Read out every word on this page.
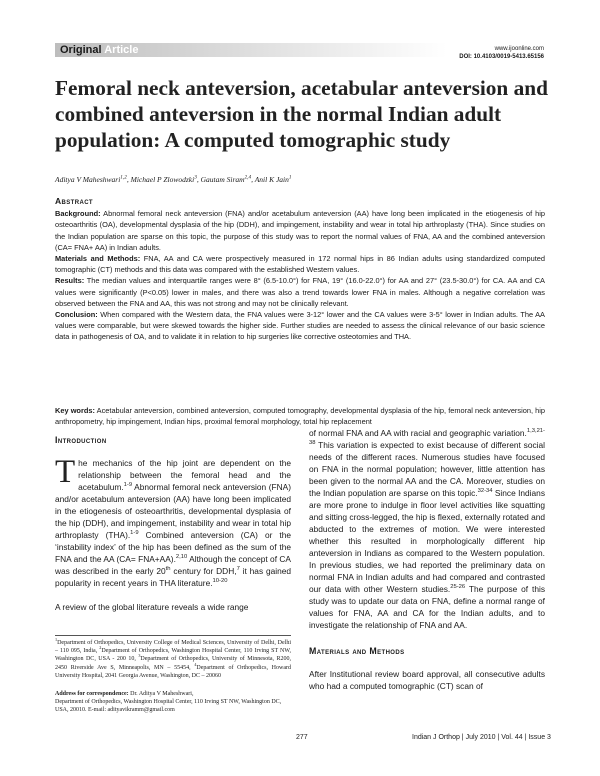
Original Article	www.ijoonline.com
DOI: 10.4103/0019-5413.65156
Femoral neck anteversion, acetabular anteversion and combined anteversion in the normal Indian adult population: A computed tomographic study
Aditya V Maheshwari$^{1,2}$, Michael P Zlowodzki$^3$, Gautam Siram$^{2,4}$, Anil K Jain$^1$

Abstract

Background: Abnormal femoral neck anteversion (FNA) and/or acetabulum anteversion (AA) have long been implicated in the etiogenesis of hip osteoarthritis (OA), developmental dysplasia of the hip (DDH), and impingement, instability and wear in total hip arthroplasty (THA). Since studies on the Indian population are sparse on this topic, the purpose of this study was to report the normal values of FNA, AA and the combined anteversion (CA= FNA+ AA) in Indian adults.

Materials and Methods: FNA, AA and CA were prospectively measured in 172 normal hips in 86 Indian adults using standardized computed tomographic (CT) methods and this data was compared with the established Western values.

Results: The median values and interquartile ranges were 8° (6.5-10.0°) for FNA, 19° (16.0-22.0°) for AA and 27° (23.5-30.0°) for CA. AA and CA values were significantly (P<0.05) lower in males, and there was also a trend towards lower FNA in males. Although a negative correlation was observed between the FNA and AA, this was not strong and may not be clinically relevant.

Conclusion: When compared with the Western data, the FNA values were 3-12° lower and the CA values were 3-5° lower in Indian adults. The AA values were comparable, but were skewed towards the higher side. Further studies are needed to assess the clinical relevance of our basic science data in pathogenesis of OA, and to validate it in relation to hip surgeries like corrective osteotomies and THA.

Key words: Acetabular anteversion, combined anteversion, computed tomography, developmental dysplasia of the hip, femoral neck anteversion, hip anthropometry, hip impingement, Indian hips, proximal femoral morphology, total hip replacement

Introduction

The mechanics of the hip joint are dependent on the relationship between the femoral head and the acetabulum.$^{1-9}$ Abnormal femoral neck anteversion (FNA) and/or acetabulum anteversion (AA) have long been implicated in the etiogenesis of osteoarthritis, developmental dysplasia of the hip (DDH), and impingement, instability and wear in total hip arthroplasty (THA).$^{1-9}$ Combined anteversion (CA) or the ‘instability index’ of the hip has been defined as the sum of the FNA and the AA (CA= FNA+AA).$^{2,10}$ Although the concept of CA was described in the early 20th century for DDH,$^7$ it has gained popularity in recent years in THA literature.$^{10-20}$

A review of the global literature reveals a wide range

$^1$Department of Orthopedics, University College of Medical Sciences, University of Delhi, Delhi – 110 095, India, $^2$Department of Orthopedics, Washington Hospital Center, 110 Irving ST NW, Washington DC, USA - 200 10, $^3$Department of Orthopedics, University of Minnesota, R200, 2450 Riverside Ave S, Minneapolis, MN – 55454, $^4$Department of Orthopedics, Howard University Hospital, 2041 Georgia Avenue, Washington, DC – 20060

Address for correspondence: Dr. Aditya V Maheshwari,

Department of Orthopedics, Washington Hospital Center, 110 Irving ST NW, Washington DC, USA, 20010. E-mail: adityavikramm@gmail.com

of normal FNA and AA with racial and geographic variation.$^{1,3,21-38}$ This variation is expected to exist because of different social needs of the different races. Numerous studies have focused on FNA in the normal population; however, little attention has been given to the normal AA and the CA. Moreover, studies on the Indian population are sparse on this topic.$^{32-34}$ Since Indians are more prone to indulge in floor level activities like squatting and sitting cross-legged, the hip is flexed, externally rotated and abducted to the extremes of motion. We were interested whether this resulted in morphologically different hip anteversion in Indians as compared to the Western population. In previous studies, we had reported the preliminary data on normal FNA in Indian adults and had compared and contrasted our data with other Western studies.$^{25-26}$ The purpose of this study was to update our data on FNA, define a normal range of values for FNA, AA and CA for the Indian adults, and to investigate the relationship of FNA and AA.

Materials and Methods

After Institutional review board approval, all consecutive adults who had a computed tomographic (CT) scan of

277	Indian J Orthop | July 2010 | Vol. 44 | Issue 3
